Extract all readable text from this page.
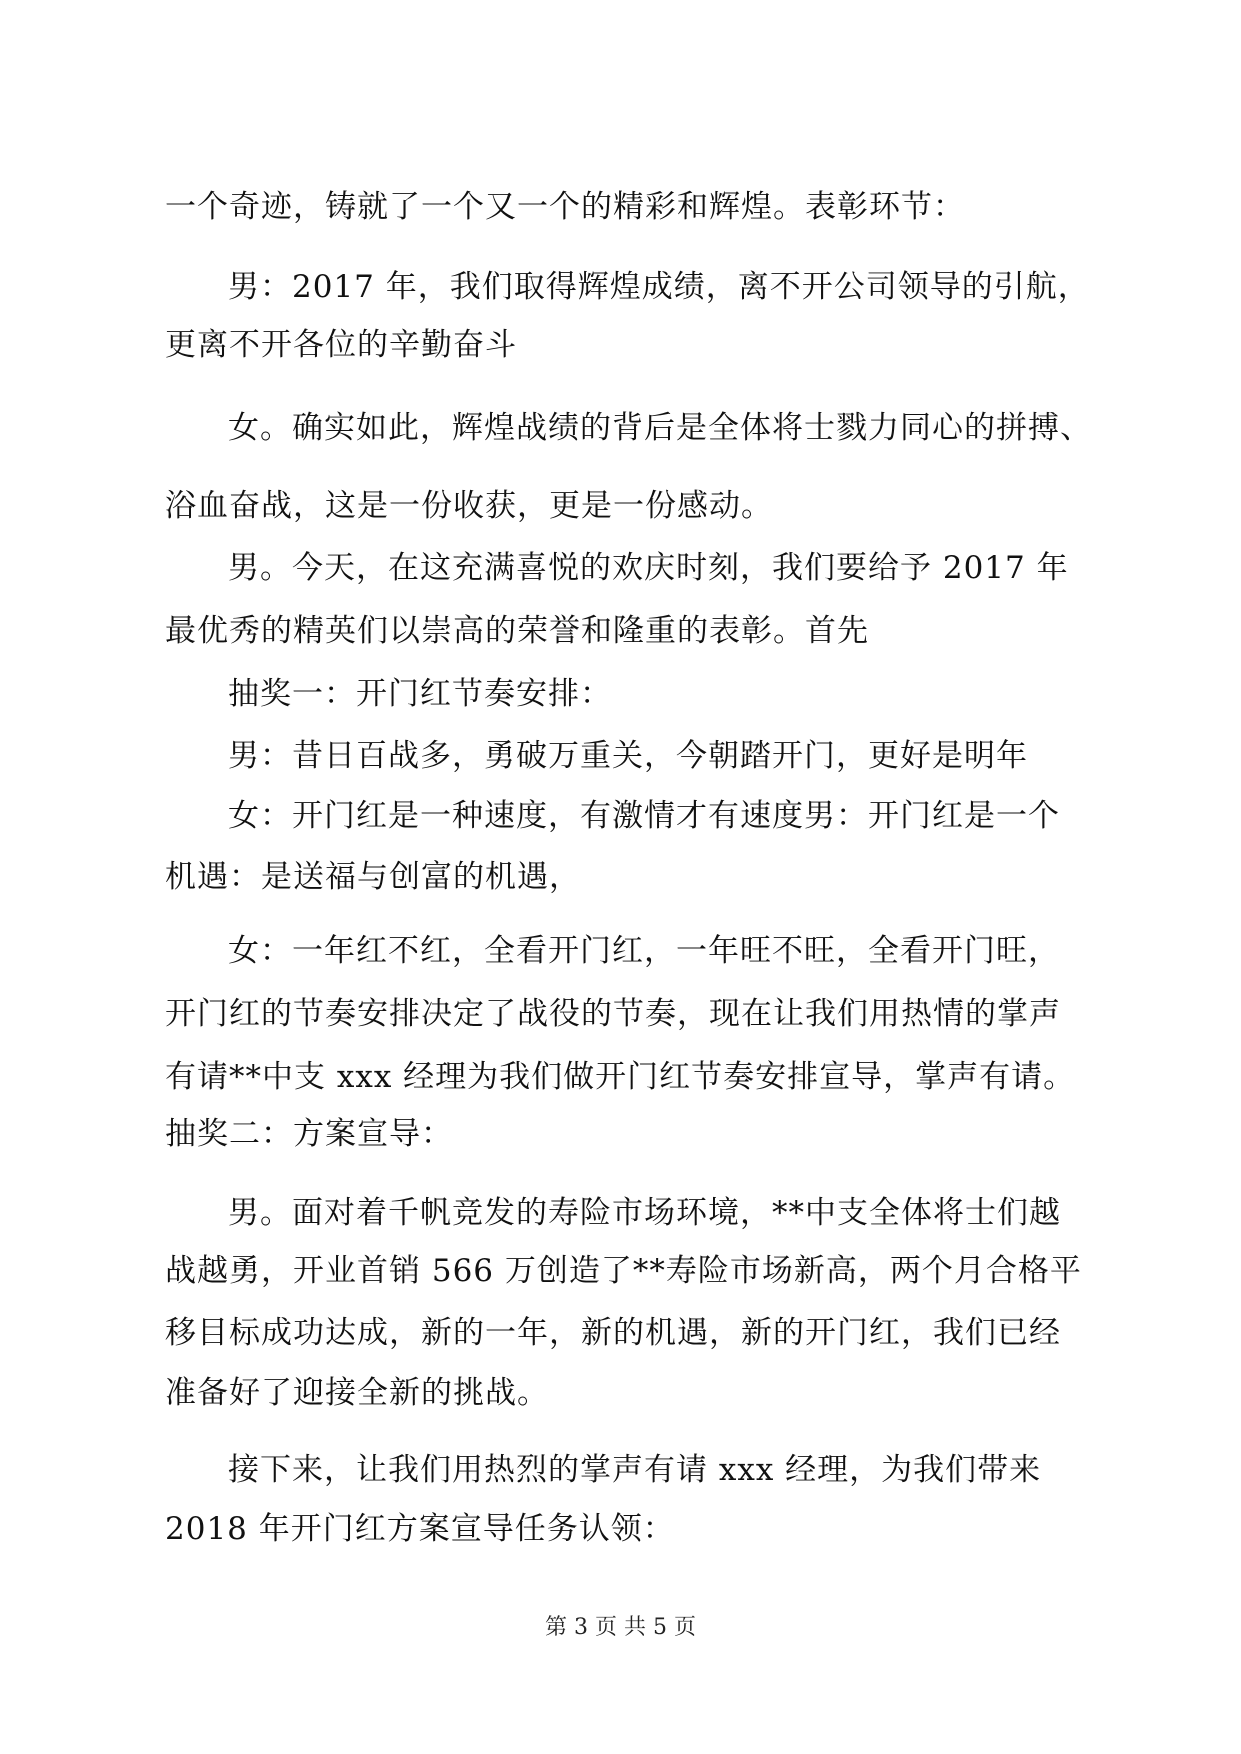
一个奇迹，铸就了一个又一个的精彩和辉煌。表彰环节：
男：2017 年，我们取得辉煌成绩，离不开公司领导的引航，
更离不开各位的辛勤奋斗
女。确实如此，辉煌战绩的背后是全体将士戮力同心的拼搏、
浴血奋战，这是一份收获，更是一份感动。
男。今天，在这充满喜悦的欢庆时刻，我们要给予 2017 年
最优秀的精英们以崇高的荣誉和隆重的表彰。首先
抽奖一：开门红节奏安排：
男：昔日百战多，勇破万重关，今朝踏开门，更好是明年
女：开门红是一种速度，有激情才有速度男：开门红是一个
机遇：是送福与创富的机遇，
女：一年红不红，全看开门红，一年旺不旺，全看开门旺，
开门红的节奏安排决定了战役的节奏，现在让我们用热情的掌声
有请**中支 xxx 经理为我们做开门红节奏安排宣导，掌声有请。
抽奖二：方案宣导：
男。面对着千帆竞发的寿险市场环境，**中支全体将士们越
战越勇，开业首销 566 万创造了**寿险市场新高，两个月合格平
移目标成功达成，新的一年，新的机遇，新的开门红，我们已经
准备好了迎接全新的挑战。
接下来，让我们用热烈的掌声有请 xxx 经理，为我们带来
2018 年开门红方案宣导任务认领：
第 3 页 共 5 页
